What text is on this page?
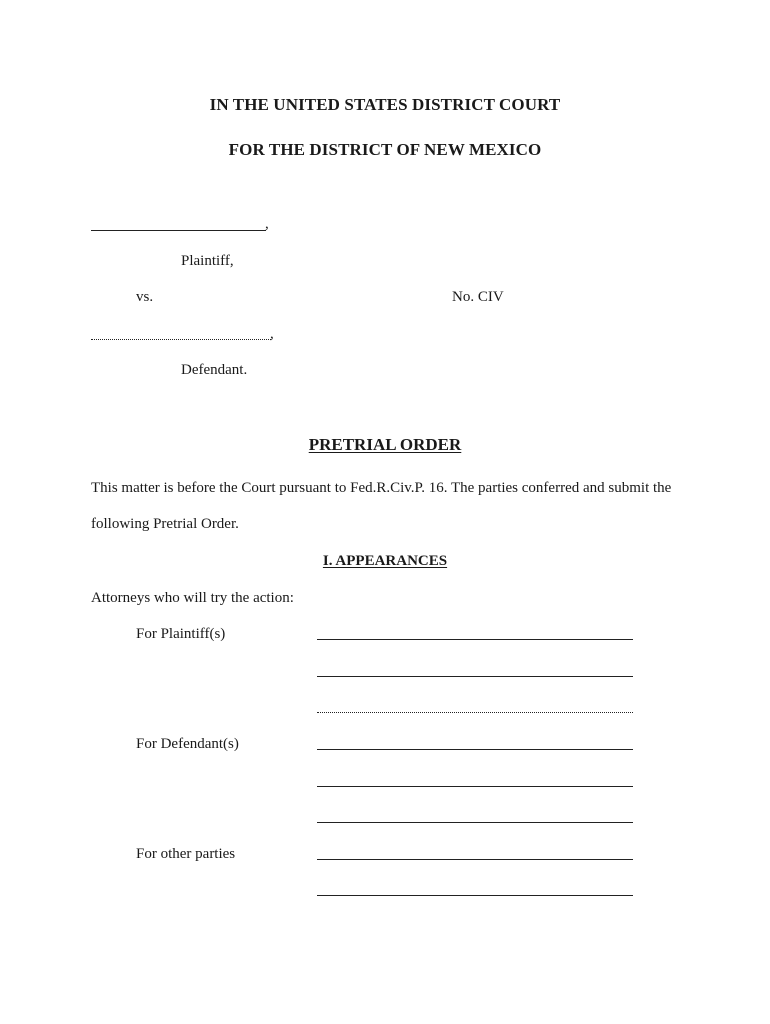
IN THE UNITED STATES DISTRICT COURT
FOR THE DISTRICT OF NEW MEXICO
,
Plaintiff,
vs.	No. CIV
,
Defendant.
PRETRIAL ORDER
This matter is before the Court pursuant to Fed.R.Civ.P. 16. The parties conferred and submit the
following Pretrial Order.
I. APPEARANCES
Attorneys who will try the action:
For Plaintiff(s)
For Defendant(s)
For other parties
